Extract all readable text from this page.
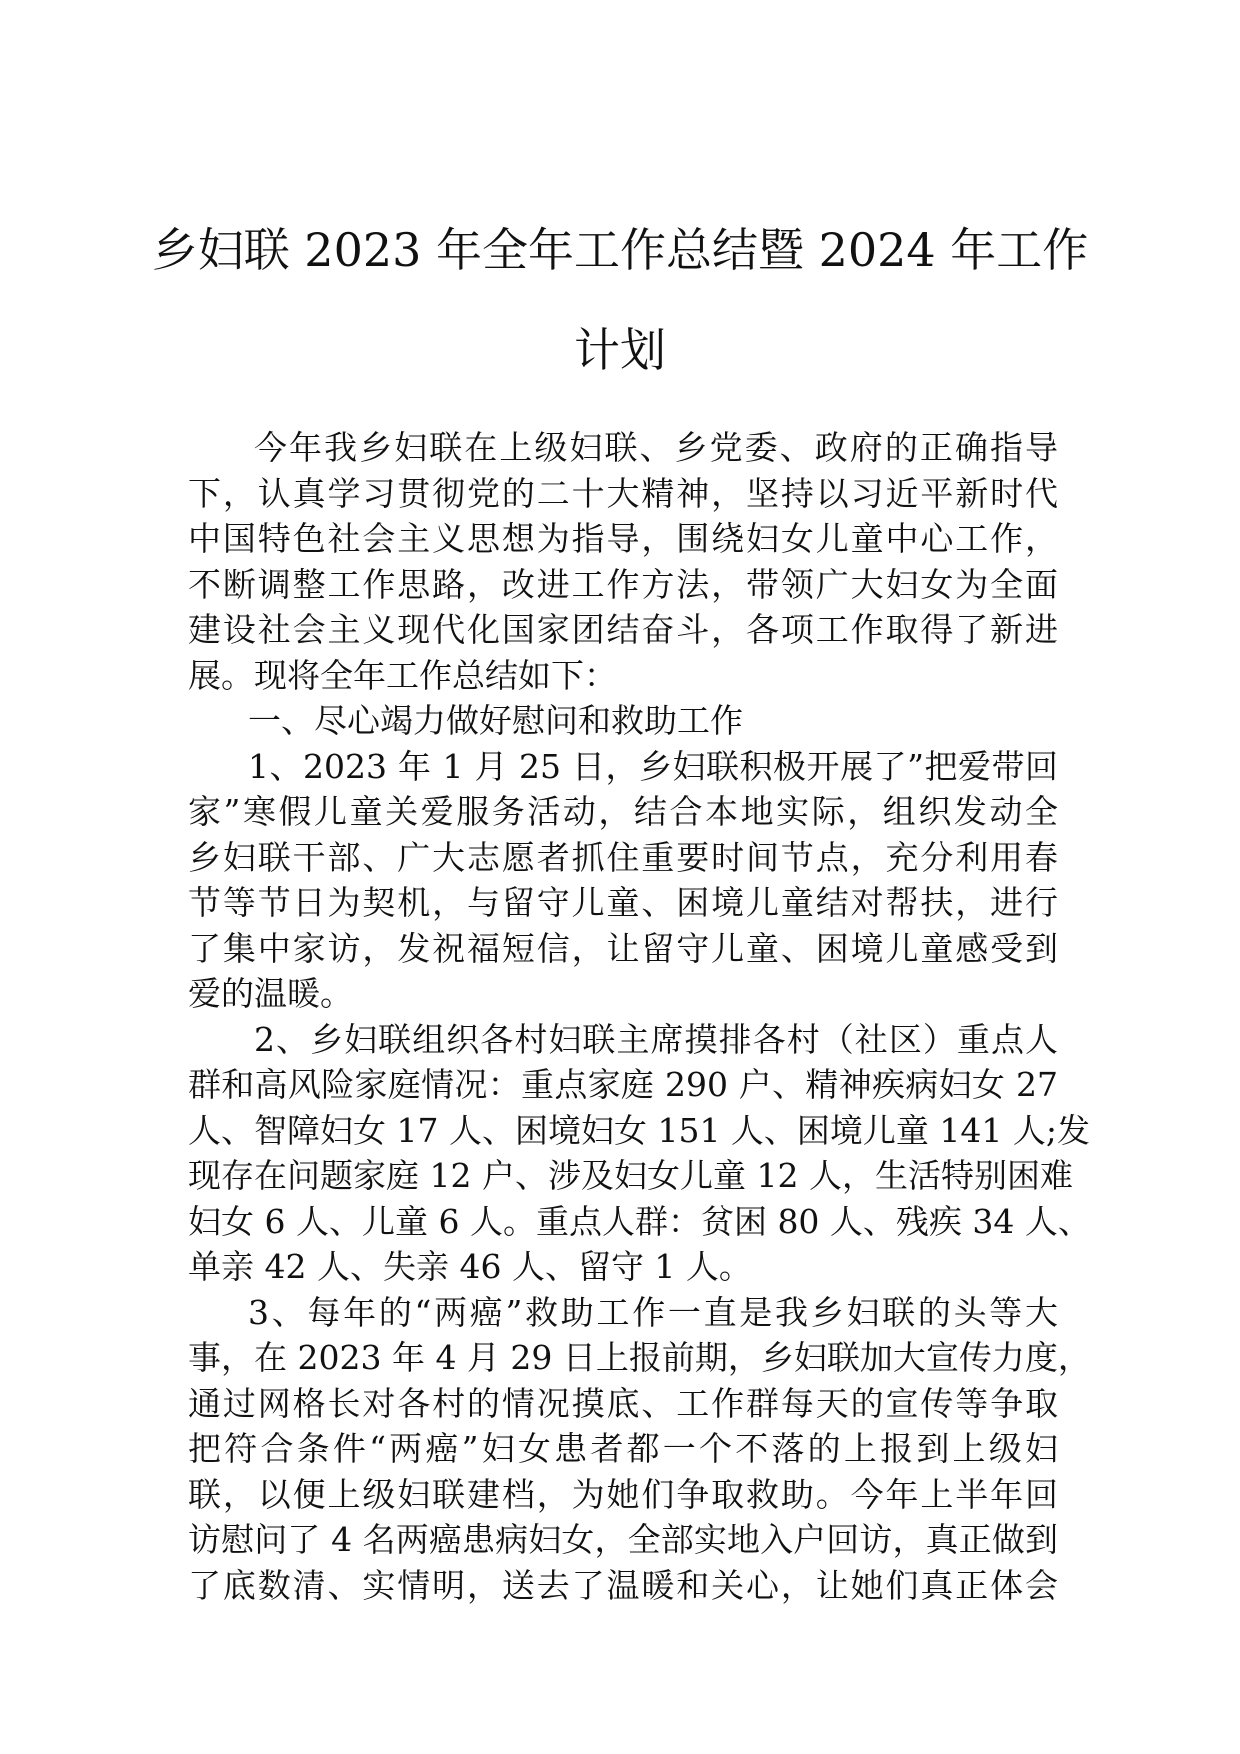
乡妇联 2023 年全年工作总结暨 2024 年工作
计划
今年我乡妇联在上级妇联、乡党委、政府的正确指导
下，认真学习贯彻党的二十大精神，坚持以习近平新时代
中国特色社会主义思想为指导，围绕妇女儿童中心工作，
不断调整工作思路，改进工作方法，带领广大妇女为全面
建设社会主义现代化国家团结奋斗，各项工作取得了新进
展。现将全年工作总结如下：
一、尽心竭力做好慰问和救助工作
1、2023 年 1 月 25 日，乡妇联积极开展了”把爱带回
家”寒假儿童关爱服务活动，结合本地实际，组织发动全
乡妇联干部、广大志愿者抓住重要时间节点，充分利用春
节等节日为契机，与留守儿童、困境儿童结对帮扶，进行
了集中家访，发祝福短信，让留守儿童、困境儿童感受到
爱的温暖。
2、乡妇联组织各村妇联主席摸排各村（社区）重点人
群和高风险家庭情况：重点家庭 290 户、精神疾病妇女 27
人、智障妇女 17 人、困境妇女 151 人、困境儿童 141 人;发
现存在问题家庭 12 户、涉及妇女儿童 12 人，生活特别困难
妇女 6 人、儿童 6 人。重点人群：贫困 80 人、残疾 34 人、
单亲 42 人、失亲 46 人、留守 1 人。
3、每年的“两癌”救助工作一直是我乡妇联的头等大
事，在 2023 年 4 月 29 日上报前期，乡妇联加大宣传力度，
通过网格长对各村的情况摸底、工作群每天的宣传等争取
把符合条件“两癌”妇女患者都一个不落的上报到上级妇
联，以便上级妇联建档，为她们争取救助。今年上半年回
访慰问了 4 名两癌患病妇女，全部实地入户回访，真正做到
了底数清、实情明，送去了温暖和关心，让她们真正体会
